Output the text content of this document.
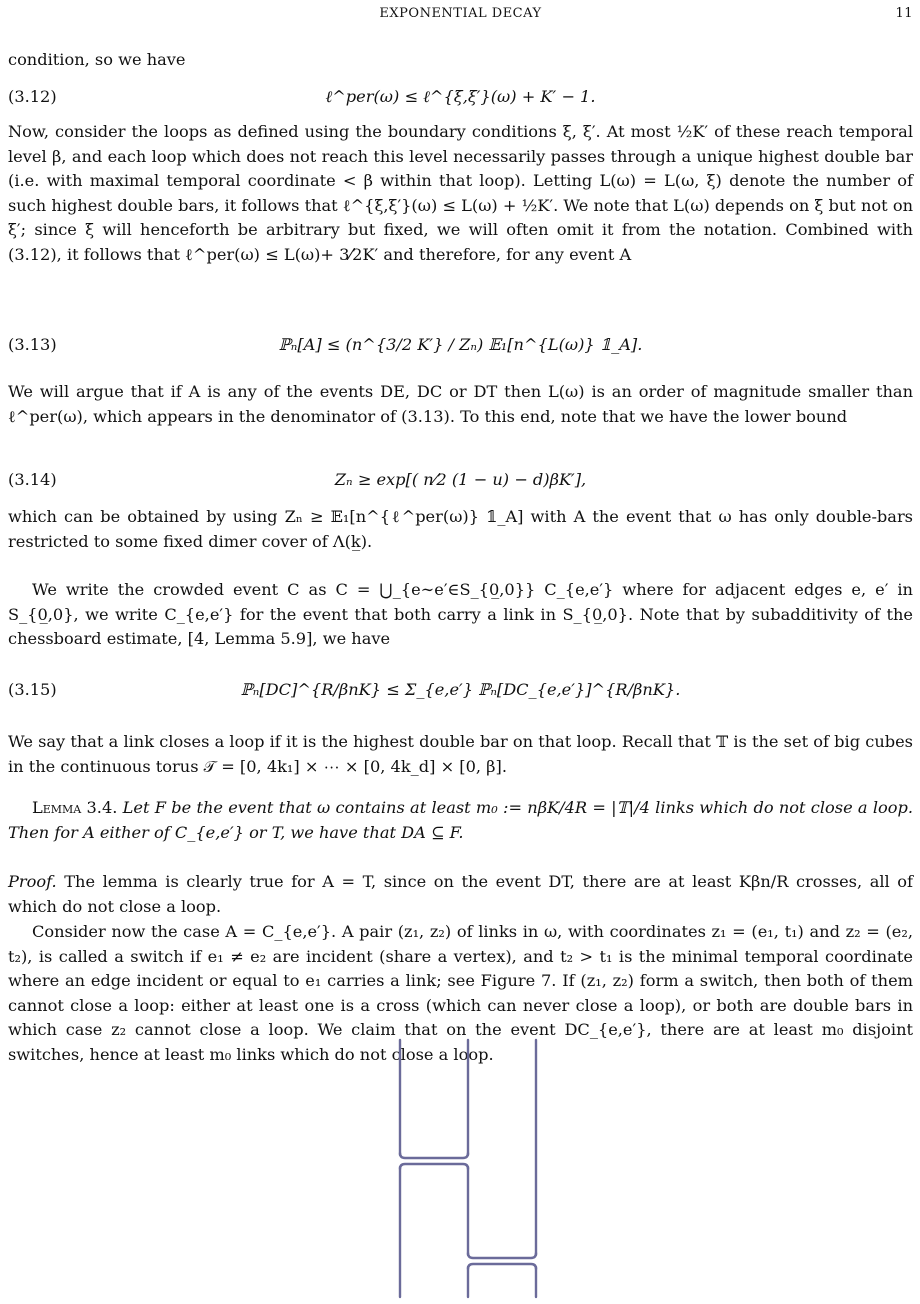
EXPONENTIAL DECAY	11

condition, so we have

(3.12)	ℓ^per(ω) ≤ ℓ^{ξ,ξ′}(ω) + K′ − 1.

Now, consider the loops as defined using the boundary conditions ξ, ξ′. At most ½K′ of these reach temporal level β, and each loop which does not reach this level necessarily passes through a unique highest double bar (i.e. with maximal temporal coordinate < β within that loop). Letting L(ω) = L(ω, ξ) denote the number of such highest double bars, it follows that ℓ^{ξ,ξ′}(ω) ≤ L(ω) + ½K′. We note that L(ω) depends on ξ but not on ξ′; since ξ will henceforth be arbitrary but fixed, we will often omit it from the notation. Combined with (3.12), it follows that ℓ^per(ω) ≤ L(ω)+ 3⁄2K′ and therefore, for any event A

(3.13)	ℙₙ[A] ≤ (n^{3/2 K′} / Zₙ) 𝔼₁[n^{L(ω)} 𝟙_A].

We will argue that if A is any of the events DE, DC or DT then L(ω) is an order of magnitude smaller than ℓ^per(ω), which appears in the denominator of (3.13). To this end, note that we have the lower bound

(3.14)	Zₙ ≥ exp[( n⁄2 (1 − u) − d)βK′],

which can be obtained by using Zₙ ≥ 𝔼₁[n^{ℓ^per(ω)} 𝟙_A] with A the event that ω has only double-bars restricted to some fixed dimer cover of Λ(k̲).

We write the crowded event C as C = ⋃_{e∼e′∈S_{0̲,0}} C_{e,e′} where for adjacent edges e, e′ in S_{0̲,0}, we write C_{e,e′} for the event that both carry a link in S_{0̲,0}. Note that by subadditivity of the chessboard estimate, [4, Lemma 5.9], we have

(3.15)	ℙₙ[DC]^{R/βnK} ≤ Σ_{e,e′} ℙₙ[DC_{e,e′}]^{R/βnK}.

We say that a link closes a loop if it is the highest double bar on that loop. Recall that 𝕋 is the set of big cubes in the continuous torus 𝒯 = [0, 4k₁] × ⋯ × [0, 4k_d] × [0, β].

Lemma 3.4. Let F be the event that ω contains at least m₀ := nβK/4R = |𝕋|/4 links which do not close a loop. Then for A either of C_{e,e′} or T, we have that DA ⊆ F.

Proof. The lemma is clearly true for A = T, since on the event DT, there are at least Kβn/R crosses, all of which do not close a loop.

Consider now the case A = C_{e,e′}. A pair (z₁, z₂) of links in ω, with coordinates z₁ = (e₁, t₁) and z₂ = (e₂, t₂), is called a switch if e₁ ≠ e₂ are incident (share a vertex), and t₂ > t₁ is the minimal temporal coordinate where an edge incident or equal to e₁ carries a link; see Figure 7. If (z₁, z₂) form a switch, then both of them cannot close a loop: either at least one is a cross (which can never close a loop), or both are double bars in which case z₂ cannot close a loop. We claim that on the event DC_{e,e′}, there are at least m₀ disjoint switches, hence at least m₀ links which do not close a loop.
